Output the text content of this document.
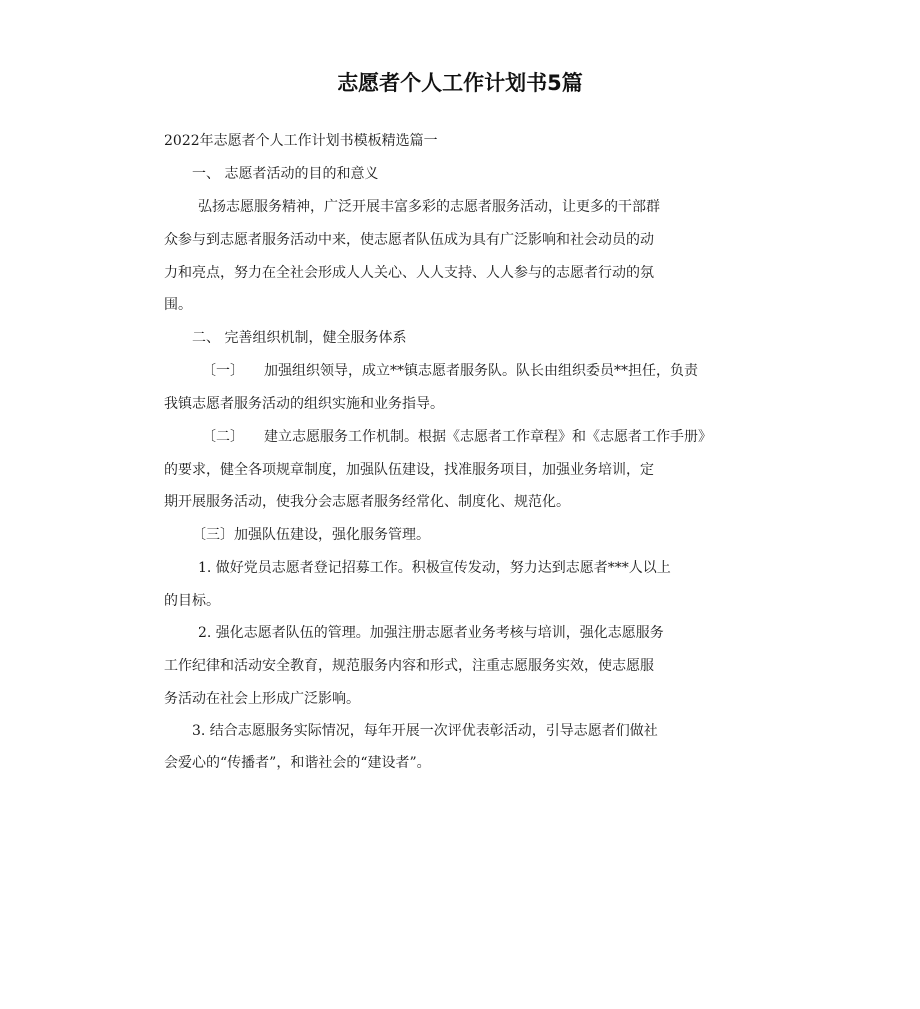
志愿者个人工作计划书5篇
2022年志愿者个人工作计划书模板精选篇一
一、 志愿者活动的目的和意义
弘扬志愿服务精神，广泛开展丰富多彩的志愿者服务活动，让更多的干部群
众参与到志愿者服务活动中来，使志愿者队伍成为具有广泛影响和社会动员的动
力和亮点，努力在全社会形成人人关心、人人支持、人人参与的志愿者行动的氛
围。
二、 完善组织机制，健全服务体系
〔一〕 加强组织领导，成立**镇志愿者服务队。队长由组织委员**担任，负责
我镇志愿者服务活动的组织实施和业务指导。
〔二〕 建立志愿服务工作机制。根据《志愿者工作章程》和《志愿者工作手册》
的要求，健全各项规章制度，加强队伍建设，找准服务项目，加强业务培训，定
期开展服务活动，使我分会志愿者服务经常化、制度化、规范化。
〔三〕加强队伍建设，强化服务管理。
1. 做好党员志愿者登记招募工作。积极宣传发动，努力达到志愿者***人以上
的目标。
2. 强化志愿者队伍的管理。加强注册志愿者业务考核与培训，强化志愿服务
工作纪律和活动安全教育，规范服务内容和形式，注重志愿服务实效，使志愿服
务活动在社会上形成广泛影响。
3. 结合志愿服务实际情况，每年开展一次评优表彰活动，引导志愿者们做社
会爱心的“传播者”，和谐社会的“建设者”。
